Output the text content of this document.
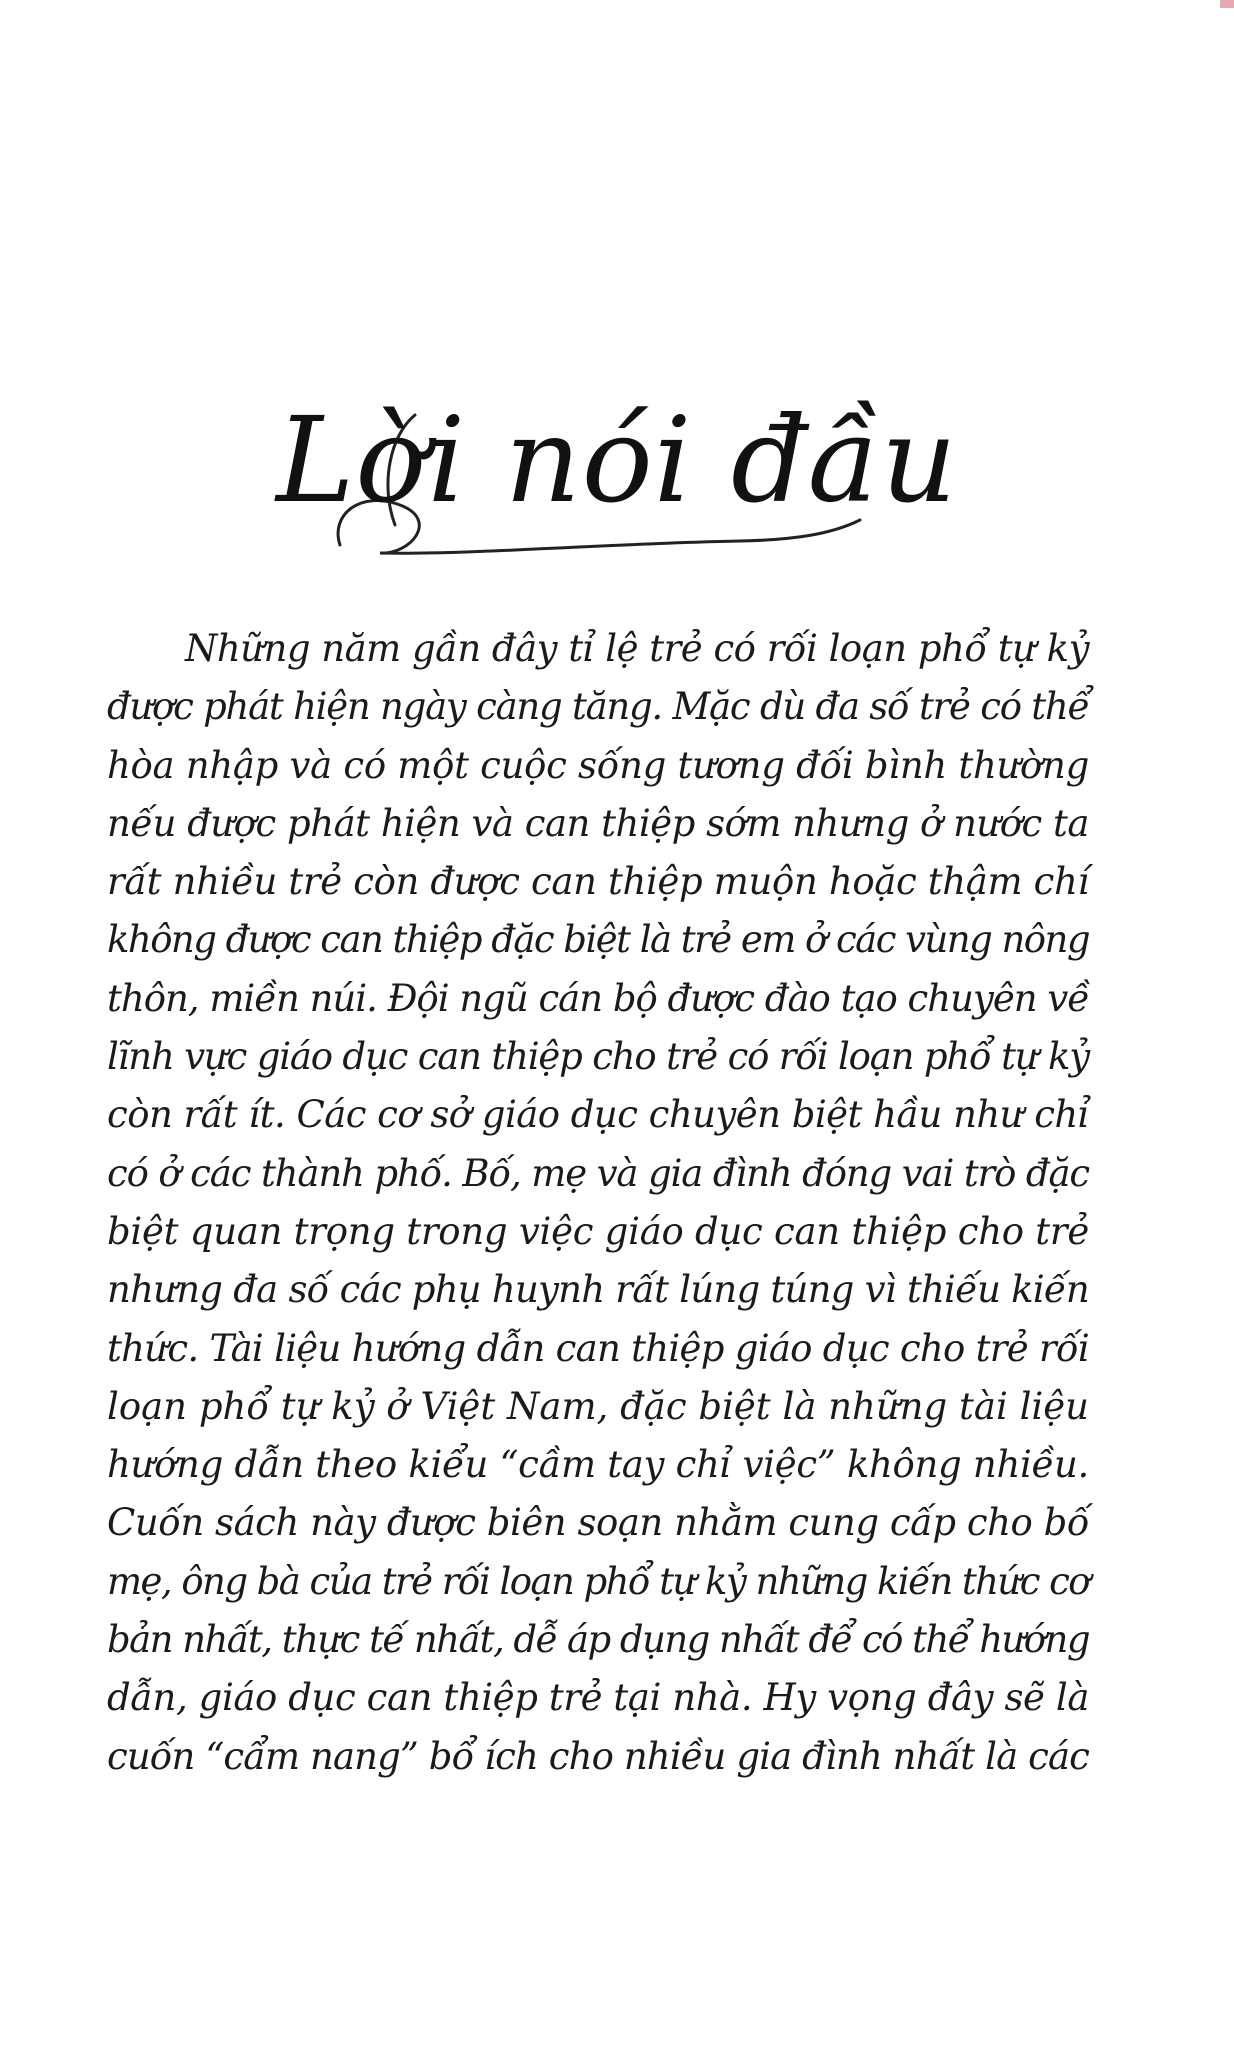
Lời nói đầu
Những năm gần đây tỉ lệ trẻ có rối loạn phổ tự kỷ
được phát hiện ngày càng tăng. Mặc dù đa số trẻ có thể
hòa nhập và có một cuộc sống tương đối bình thường
nếu được phát hiện và can thiệp sớm nhưng ở nước ta
rất nhiều trẻ còn được can thiệp muộn hoặc thậm chí
không được can thiệp đặc biệt là trẻ em ở các vùng nông
thôn, miền núi. Đội ngũ cán bộ được đào tạo chuyên về
lĩnh vực giáo dục can thiệp cho trẻ có rối loạn phổ tự kỷ
còn rất ít. Các cơ sở giáo dục chuyên biệt hầu như chỉ
có ở các thành phố. Bố, mẹ và gia đình đóng vai trò đặc
biệt quan trọng trong việc giáo dục can thiệp cho trẻ
nhưng đa số các phụ huynh rất lúng túng vì thiếu kiến
thức. Tài liệu hướng dẫn can thiệp giáo dục cho trẻ rối
loạn phổ tự kỷ ở Việt Nam, đặc biệt là những tài liệu
hướng dẫn theo kiểu “cầm tay chỉ việc” không nhiều.
Cuốn sách này được biên soạn nhằm cung cấp cho bố
mẹ, ông bà của trẻ rối loạn phổ tự kỷ những kiến thức cơ
bản nhất, thực tế nhất, dễ áp dụng nhất để có thể hướng
dẫn, giáo dục can thiệp trẻ tại nhà. Hy vọng đây sẽ là
cuốn “cẩm nang” bổ ích cho nhiều gia đình nhất là các
